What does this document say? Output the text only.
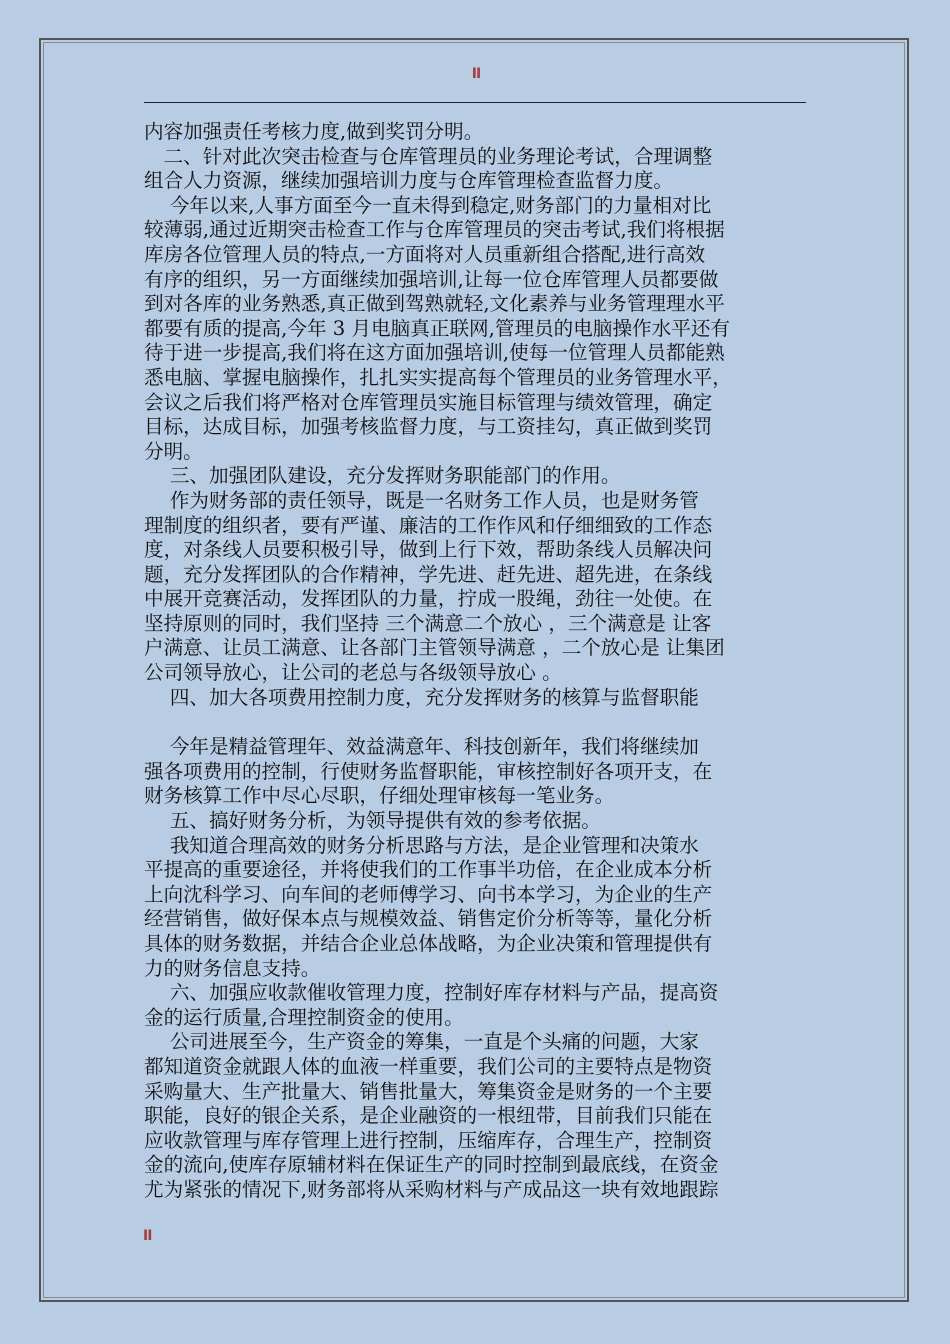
II

内容加强责任考核力度,做到奖罚分明。

　二、针对此次突击检查与仓库管理员的业务理论考试，合理调整

组合人力资源，继续加强培训力度与仓库管理检查监督力度。

　 今年以来,人事方面至今一直未得到稳定,财务部门的力量相对比

较薄弱,通过近期突击检查工作与仓库管理员的突击考试,我们将根据

库房各位管理人员的特点,一方面将对人员重新组合搭配,进行高效

有序的组织，另一方面继续加强培训,让每一位仓库管理人员都要做

到对各库的业务熟悉,真正做到驾熟就轻,文化素养与业务管理理水平

都要有质的提高,今年 3 月电脑真正联网,管理员的电脑操作水平还有

待于进一步提高,我们将在这方面加强培训,使每一位管理人员都能熟

悉电脑、掌握电脑操作，扎扎实实提高每个管理员的业务管理水平，

会议之后我们将严格对仓库管理员实施目标管理与绩效管理，确定

目标，达成目标，加强考核监督力度，与工资挂勾，真正做到奖罚

分明。

　 三、加强团队建设，充分发挥财务职能部门的作用。

　 作为财务部的责任领导，既是一名财务工作人员，也是财务管

理制度的组织者，要有严谨、廉洁的工作作风和仔细细致的工作态

度，对条线人员要积极引导，做到上行下效，帮助条线人员解决问

题，充分发挥团队的合作精神，学先进、赶先进、超先进，在条线

中展开竞赛活动，发挥团队的力量，拧成一股绳，劲往一处使。在

坚持原则的同时，我们坚持 三个满意二个放心 ，三个满意是 让客

户满意、让员工满意、让各部门主管领导满意 ，二个放心是 让集团

公司领导放心，让公司的老总与各级领导放心 。

　 四、加大各项费用控制力度，充分发挥财务的核算与监督职能

　 今年是精益管理年、效益满意年、科技创新年，我们将继续加

强各项费用的控制，行使财务监督职能，审核控制好各项开支，在

财务核算工作中尽心尽职，仔细处理审核每一笔业务。

　 五、搞好财务分析，为领导提供有效的参考依据。

　 我知道合理高效的财务分析思路与方法，是企业管理和决策水

平提高的重要途径，并将使我们的工作事半功倍，在企业成本分析

上向沈科学习、向车间的老师傅学习、向书本学习，为企业的生产

经营销售，做好保本点与规模效益、销售定价分析等等，量化分析

具体的财务数据，并结合企业总体战略，为企业决策和管理提供有

力的财务信息支持。

　 六、加强应收款催收管理力度，控制好库存材料与产品，提高资

金的运行质量,合理控制资金的使用。

　 公司进展至今，生产资金的筹集，一直是个头痛的问题，大家

都知道资金就跟人体的血液一样重要，我们公司的主要特点是物资

采购量大、生产批量大、销售批量大，筹集资金是财务的一个主要

职能，良好的银企关系，是企业融资的一根纽带，目前我们只能在

应收款管理与库存管理上进行控制，压缩库存，合理生产，控制资

金的流向,使库存原辅材料在保证生产的同时控制到最底线，在资金

尤为紧张的情况下,财务部将从采购材料与产成品这一块有效地跟踪

II
